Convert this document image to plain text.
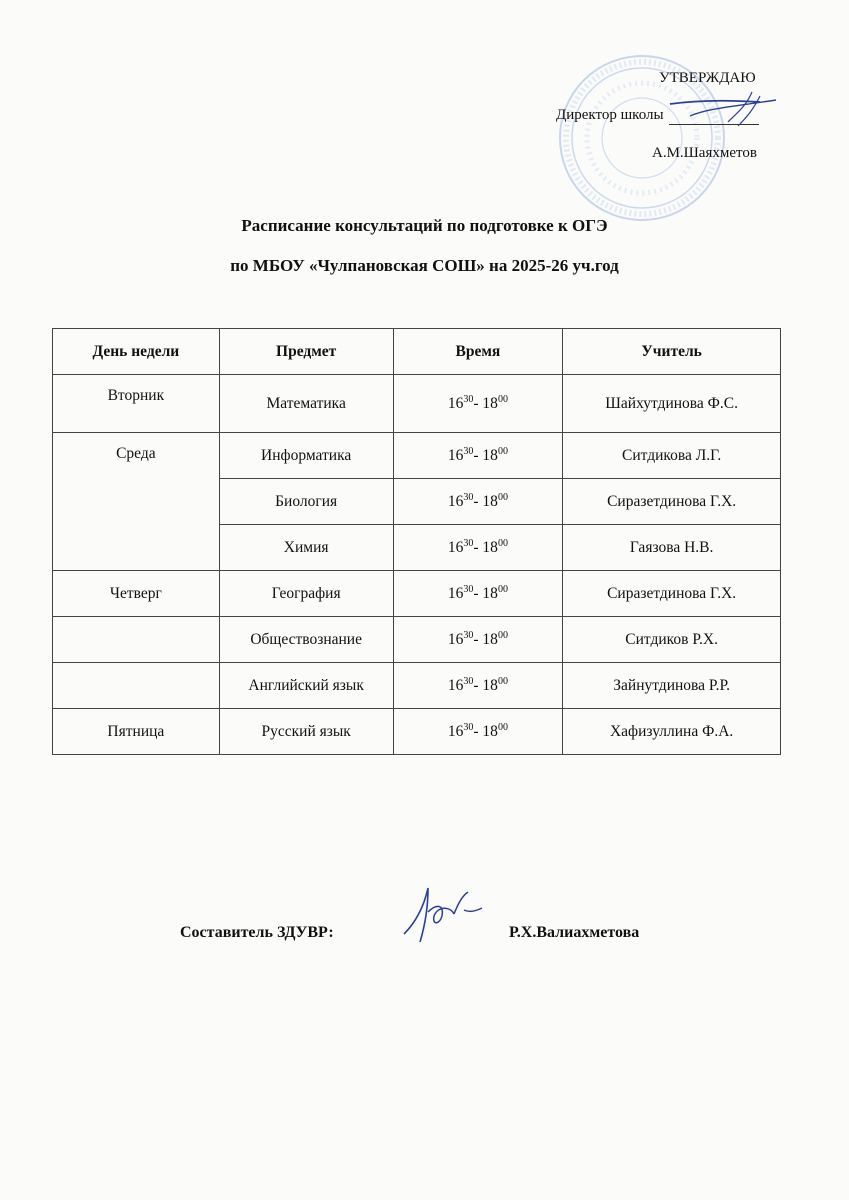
УТВЕРЖДАЮ
Директор школы
А.М.Шаяхметов
Расписание консультаций по подготовке к ОГЭ
по МБОУ «Чулпановская СОШ» на 2025-26 уч.год
День недели	Предмет	Время	Учитель
Вторник	Математика	$16^{30}-$ $18^{00}$	Шайхутдинова Ф.С.
Среда	Информатика	$16^{30}-$ $18^{00}$	Ситдикова Л.Г.
	Биология	$16^{30}-$ $18^{00}$	Сиразетдинова Г.Х.
	Химия	$16^{30}-$ $18^{00}$	Гаязова Н.В.
Четверг	География	$16^{30}-$ $18^{00}$	Сиразетдинова Г.Х.
	Обществознание	$16^{30}-$ $18^{00}$	Ситдиков Р.Х.
	Английский язык	$16^{30}-$ $18^{00}$	Зайнутдинова Р.Р.
Пятница	Русский язык	$16^{30}-$ $18^{00}$	Хафизуллина Ф.А.
Составитель ЗДУВР:	Р.Х.Валиахметова
